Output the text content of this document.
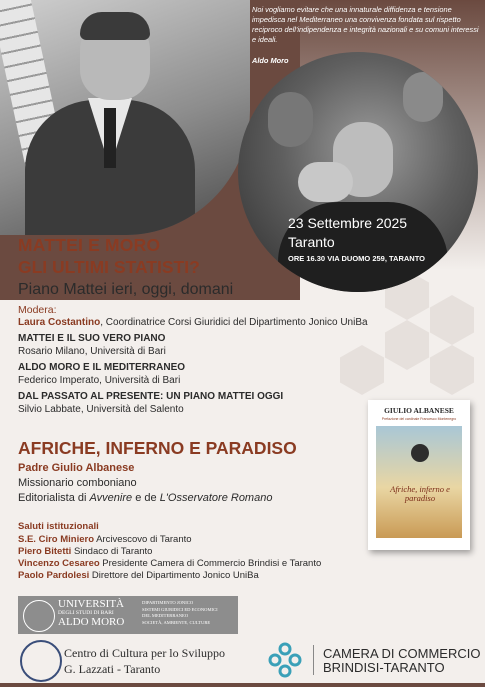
Noi vogliamo evitare che una innaturale diffidenza e tensione impedisca nel Mediterraneo una convivenza fondata sul rispetto reciproco dell'indipendenza e integrità nazionali e su comuni interessi e ideali.
Aldo Moro
23 Settembre 2025
Taranto
ORE 16.30 VIA DUOMO 259, TARANTO
MATTEI E MORO
GLI ULTIMI STATISTI?
Piano Mattei ieri, oggi, domani
Modera:
Laura Costantino, Coordinatrice Corsi Giuridici del Dipartimento Jonico UniBa
MATTEI E IL SUO VERO PIANO
Rosario Milano, Università di Bari
ALDO MORO E IL MEDITERRANEO
Federico Imperato, Università di Bari
DAL PASSATO AL PRESENTE: UN PIANO MATTEI OGGI
Silvio Labbate, Università del Salento
AFRICHE, INFERNO E PARADISO
Padre Giulio Albanese
Missionario comboniano
Editorialista di Avvenire e de L'Osservatore Romano
Saluti istituzionali
S.E. Ciro Miniero Arcivescovo di Taranto
Piero Bitetti Sindaco di Taranto
Vincenzo Cesareo Presidente Camera di Commercio Brindisi e Taranto
Paolo Pardolesi Direttore del Dipartimento Jonico UniBa
GIULIO ALBANESE
Prefazione del cardinale Francesco Montenegro
Afriche, inferno e paradiso
UNIVERSITÀ
DEGLI STUDI DI BARI
ALDO MORO
DIPARTIMENTO JONICO
SISTEMI GIURIDICI ED ECONOMICI
DEL MEDITERRANEO
SOCIETÀ, AMBIENTE, CULTURE
Centro di Cultura per lo Sviluppo
G. Lazzati - Taranto
CAMERA DI COMMERCIO
BRINDISI-TARANTO
